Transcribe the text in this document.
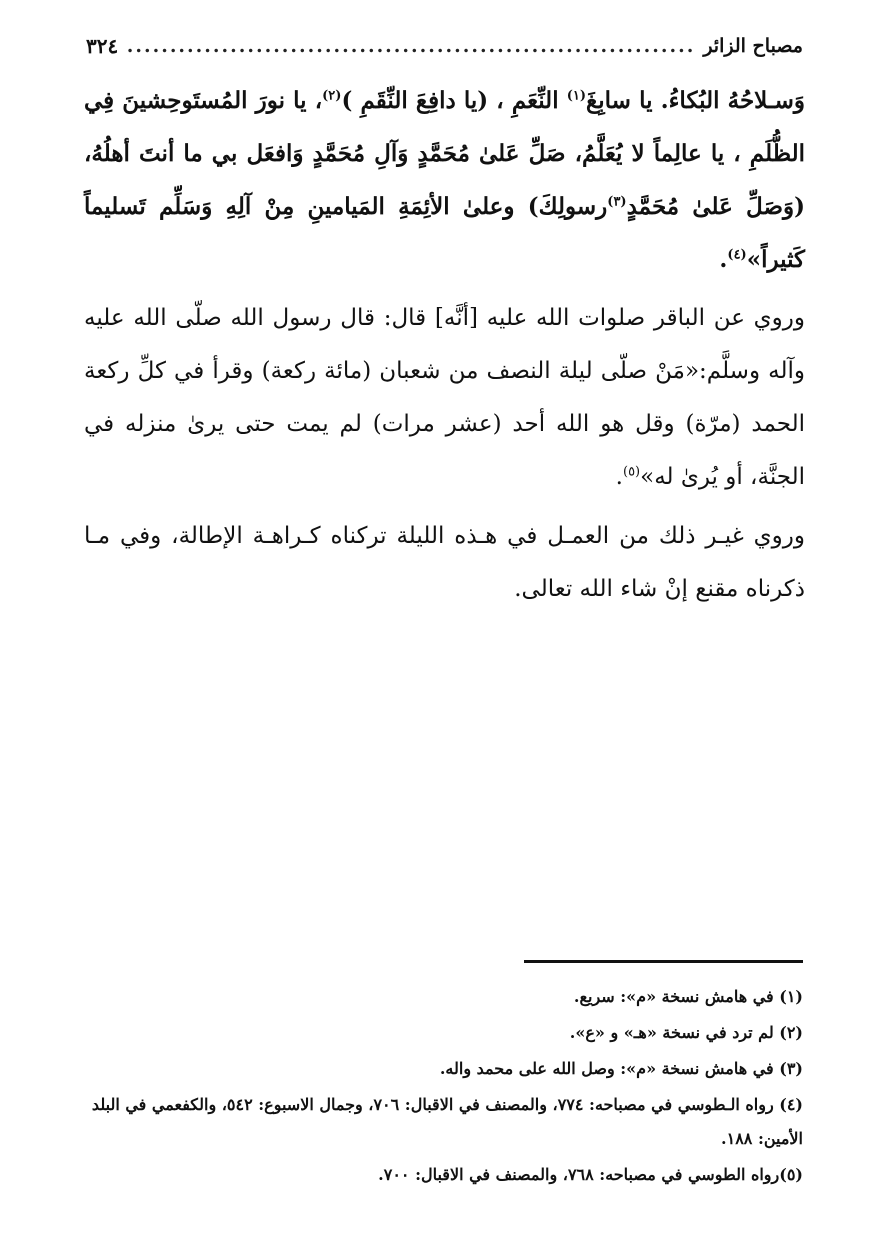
مصباح الزائر
.....
٣٢٤

وَسـلاحُهُ البُكاءُ. يا سابِغَ$^{(١)}$ النِّعَمِ ، (يا دافِعَ النِّقَمِ )$^{(٢)}$، يا نورَ المُستَوحِشينَ فِي الظُّلَمِ ، يا عالِماً لا يُعَلَّمُ، صَلِّ عَلىٰ مُحَمَّدٍ وَآلِ مُحَمَّدٍ وَافعَل بي ما أنتَ أهلُهُ، (وَصَلِّ عَلىٰ مُحَمَّدٍ$^{(٣)}$رسولِكَ) وعلىٰ الأئِمَةِ المَيامينِ مِنْ آلِهِ وَسَلِّم تَسليماً كَثيراً»$^{(٤)}$.

وروي عن الباقر صلوات الله عليه [أنَّه] قال: قال رسول الله صلّى الله عليه وآله وسلَّم:«مَنْ صلّى ليلة النصف من شعبان (مائة ركعة) وقرأ في كلِّ ركعة الحمد (مرّة) وقل هو الله أحد (عشر مرات) لم يمت حتى يرىٰ منزله في الجنَّة، أو يُرىٰ له»$^{(٥)}$.

وروي غيـر ذلك من العمـل في هـذه الليلة تركناه كـراهـة الإطالة، وفي مـا ذكرناه مقنع إنْ شاء الله تعالى.

(١) في هامش نسخة «م»: سريع.

(٢) لم ترد في نسخة «هـ» و «ع».

(٣) في هامش نسخة «م»: وصل الله على محمد واله.

(٤) رواه الـطوسي في مصباحه: ٧٧٤، والمصنف في الاقبال: ٧٠٦، وجمال الاسبوع: ٥٤٢، والكفعمي في البلد الأمين: ١٨٨.

(٥)رواه الطوسي في مصباحه: ٧٦٨، والمصنف في الاقبال: ٧٠٠.
